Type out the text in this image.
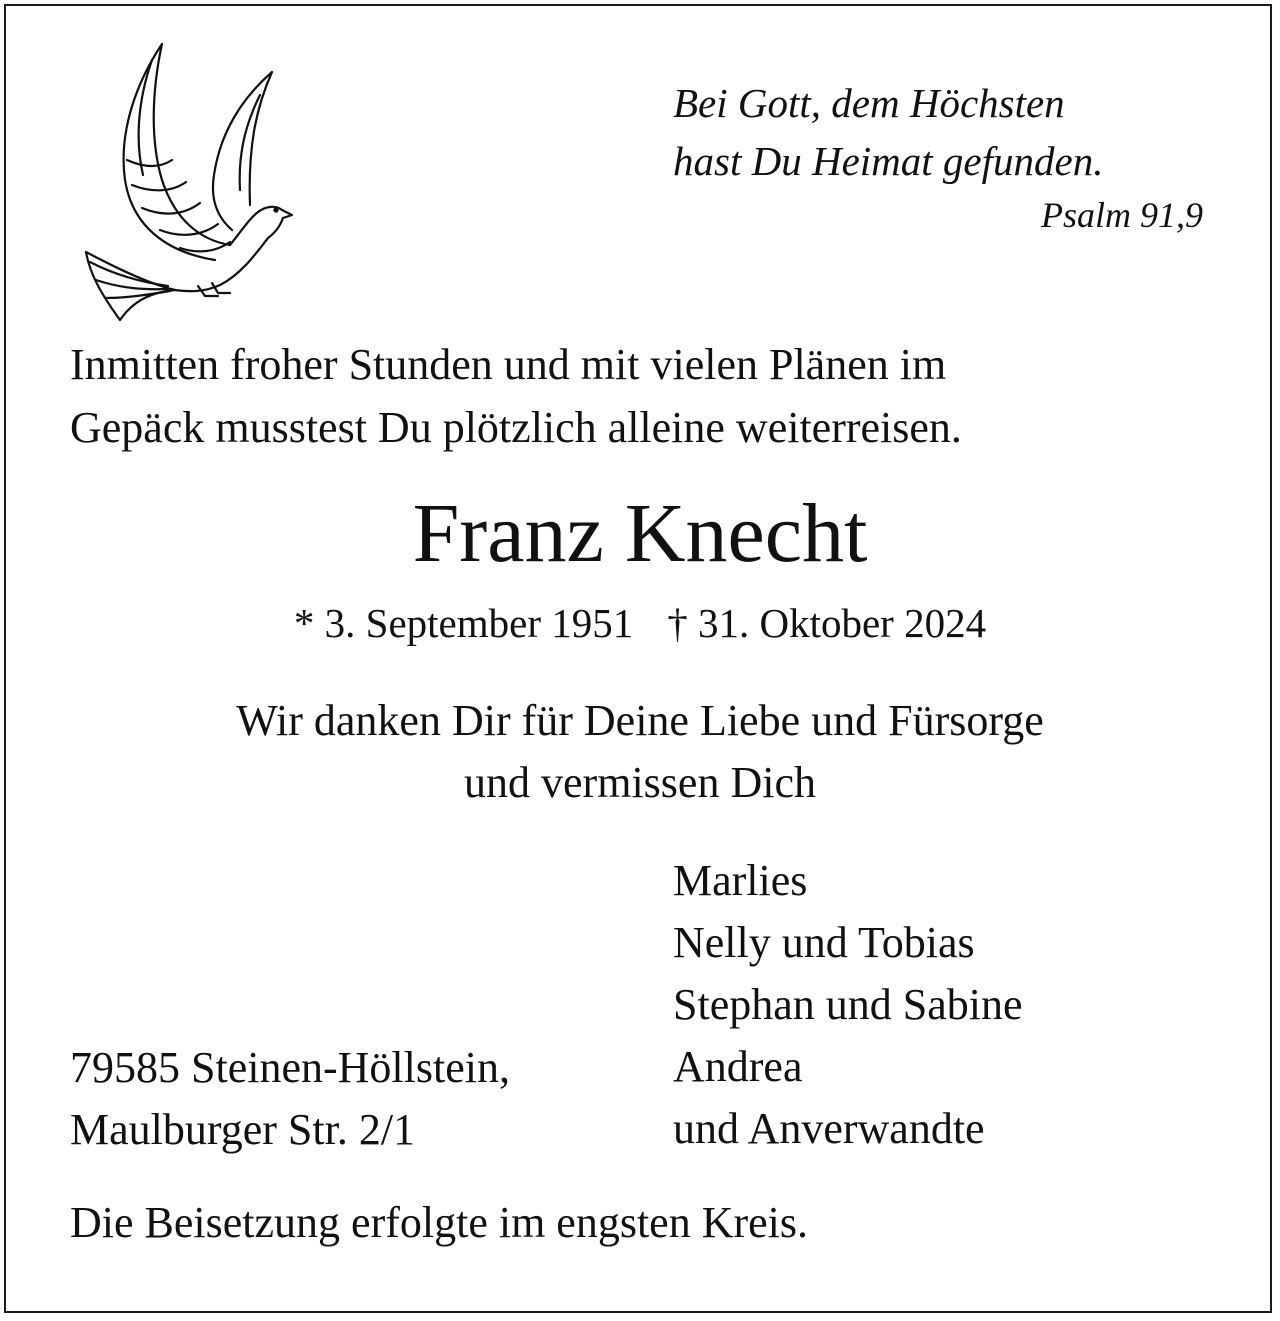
Bei Gott, dem Höchsten
hast Du Heimat gefunden.
Psalm 91,9
Inmitten froher Stunden und mit vielen Plänen im
Gepäck musstest Du plötzlich alleine weiterreisen.
Franz Knecht
* 3. September 1951 † 31. Oktober 2024
Wir danken Dir für Deine Liebe und Fürsorge
und vermissen Dich
Marlies
Nelly und Tobias
Stephan und Sabine
Andrea
und Anverwandte
79585 Steinen-Höllstein,
Maulburger Str. 2/1
Die Beisetzung erfolgte im engsten Kreis.
